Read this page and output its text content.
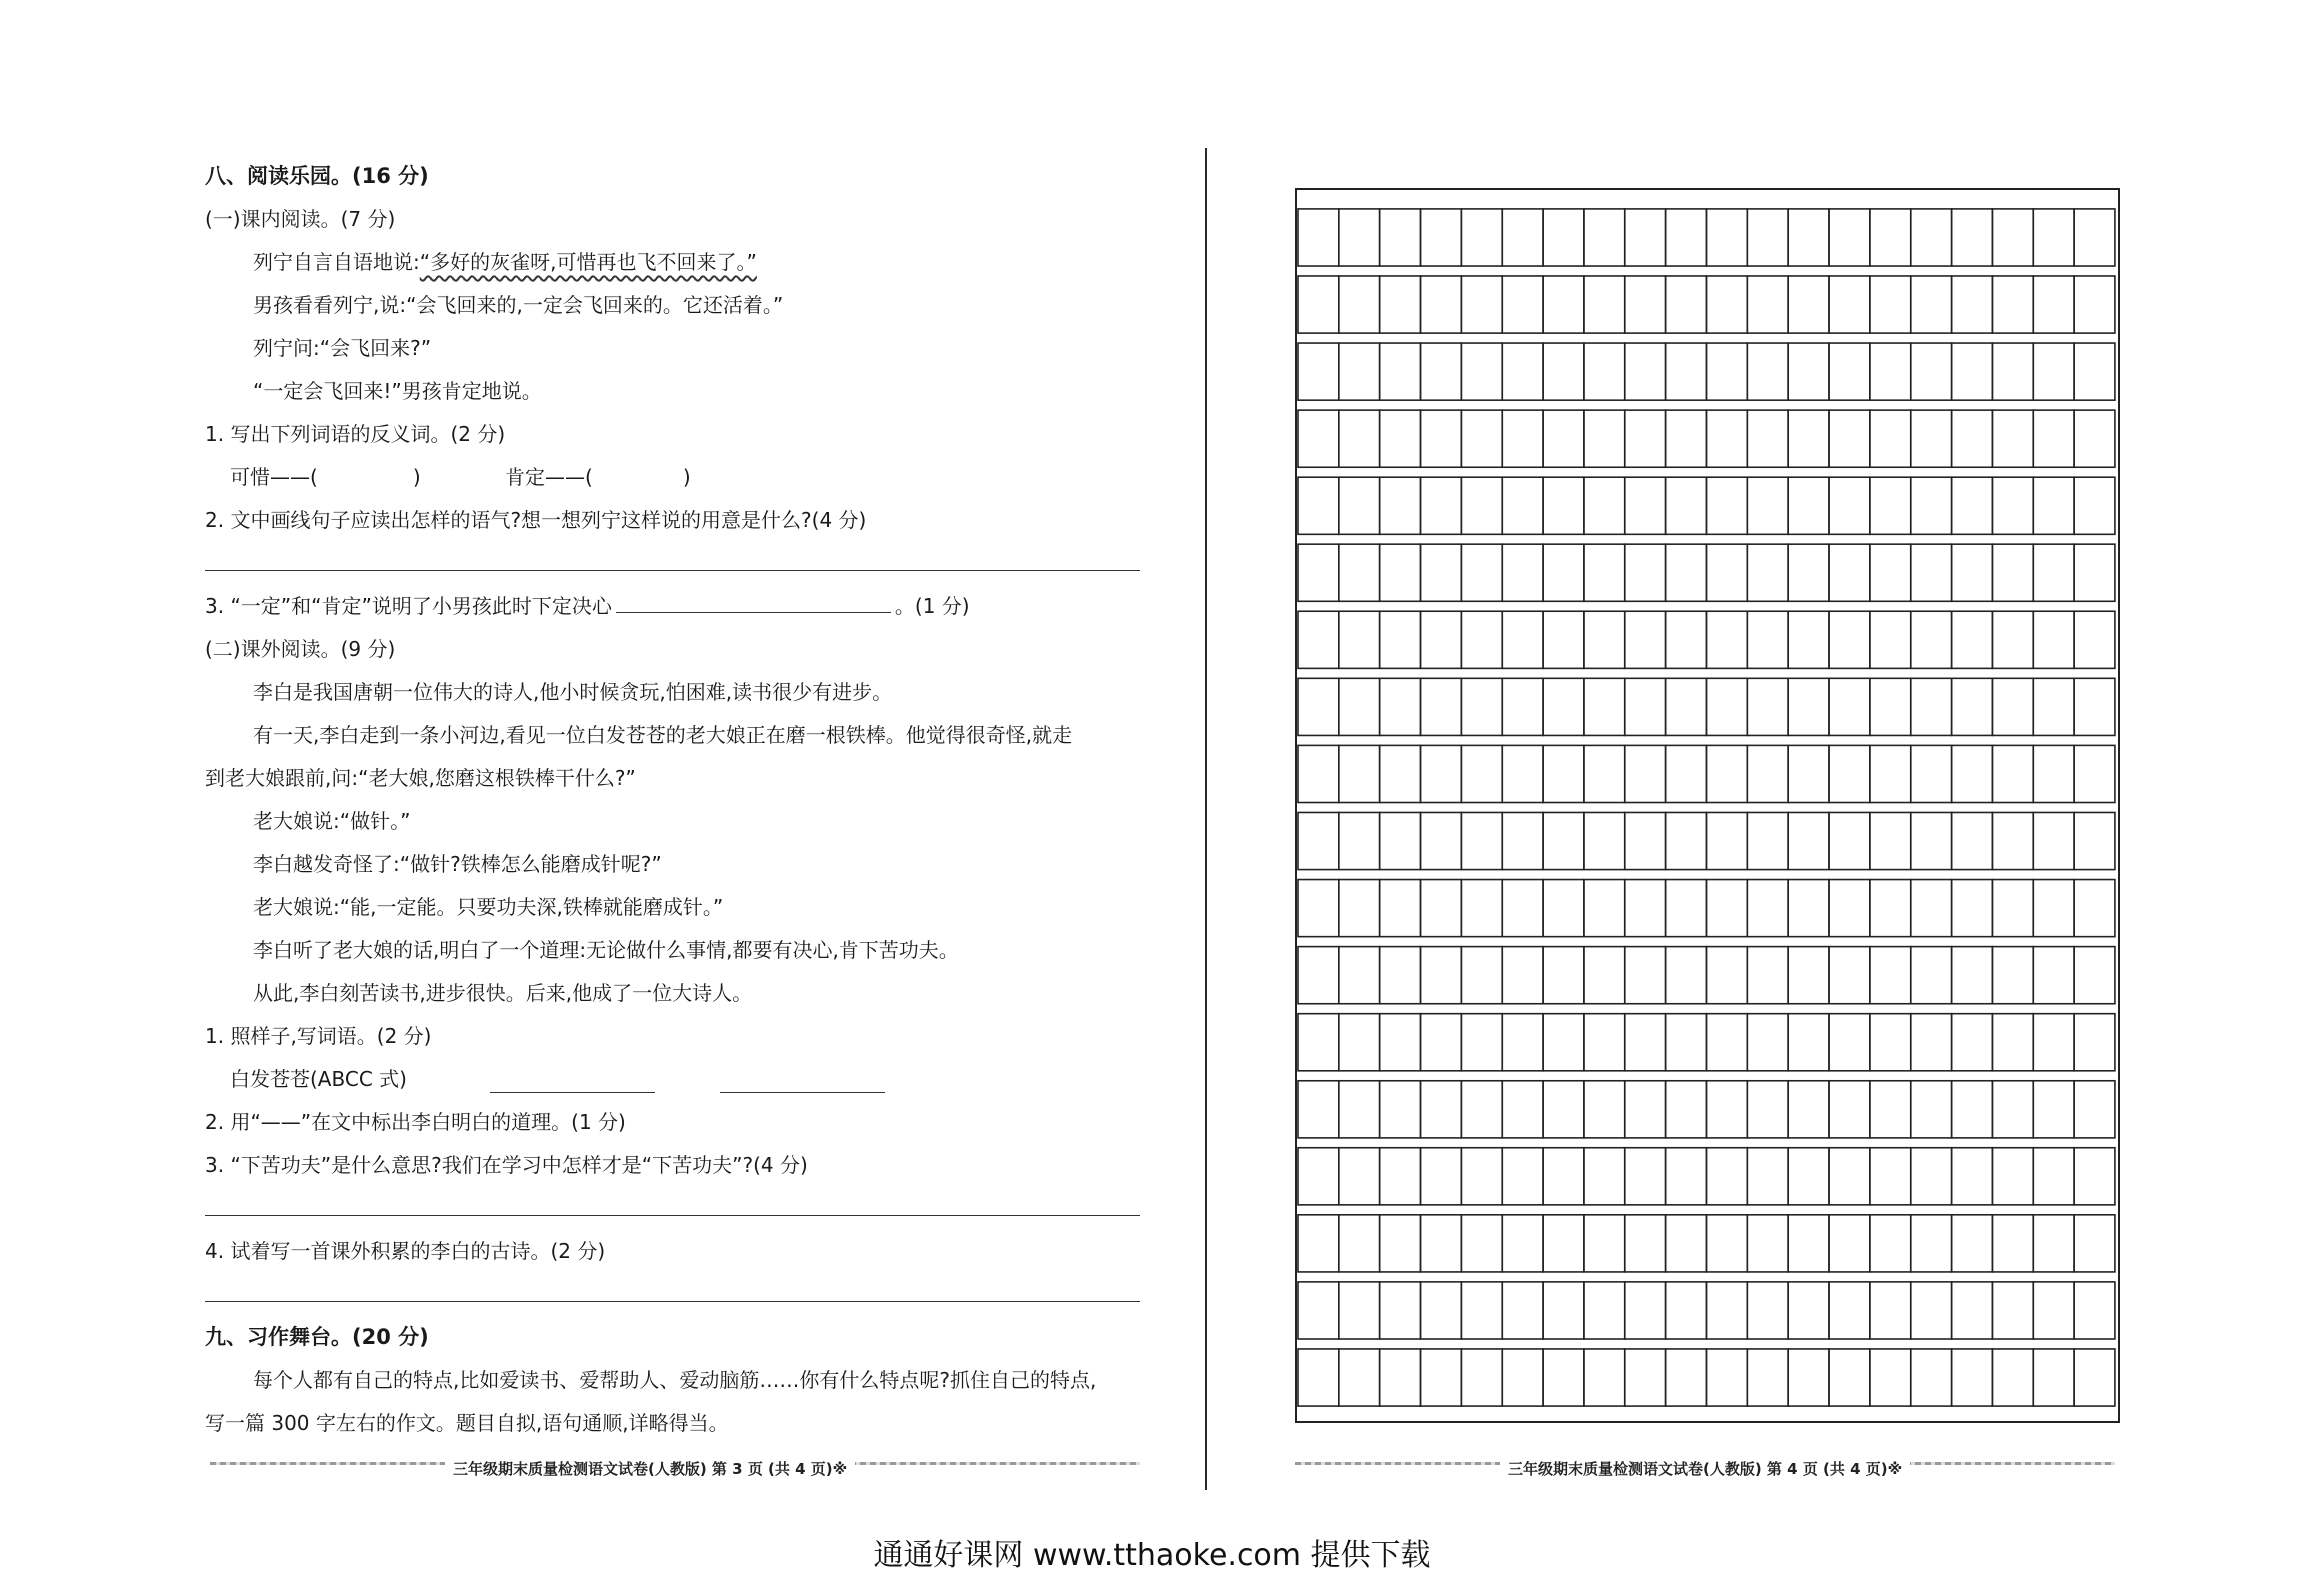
八、阅读乐园。(16 分)
(一)课内阅读。(7 分)
列宁自言自语地说:“多好的灰雀呀,可惜再也飞不回来了。”
男孩看看列宁,说:“会飞回来的,一定会飞回来的。它还活着。”
列宁问:“会飞回来?”
“一定会飞回来!”男孩肯定地说。
1. 写出下列词语的反义词。(2 分)
可惜——(	)	肯定——(	)
2. 文中画线句子应读出怎样的语气?想一想列宁这样说的用意是什么?(4 分)
3. “一定”和“肯定”说明了小男孩此时下定决心	。(1 分)
(二)课外阅读。(9 分)
李白是我国唐朝一位伟大的诗人,他小时候贪玩,怕困难,读书很少有进步。
有一天,李白走到一条小河边,看见一位白发苍苍的老大娘正在磨一根铁棒。他觉得很奇怪,就走
到老大娘跟前,问:“老大娘,您磨这根铁棒干什么?”
老大娘说:“做针。”
李白越发奇怪了:“做针?铁棒怎么能磨成针呢?”
老大娘说:“能,一定能。只要功夫深,铁棒就能磨成针。”
李白听了老大娘的话,明白了一个道理:无论做什么事情,都要有决心,肯下苦功夫。
从此,李白刻苦读书,进步很快。后来,他成了一位大诗人。
1. 照样子,写词语。(2 分)
白发苍苍(ABCC 式)
2. 用“——”在文中标出李白明白的道理。(1 分)
3. “下苦功夫”是什么意思?我们在学习中怎样才是“下苦功夫”?(4 分)
4. 试着写一首课外积累的李白的古诗。(2 分)
九、习作舞台。(20 分)
每个人都有自己的特点,比如爱读书、爱帮助人、爱动脑筋……你有什么特点呢?抓住自己的特点,
写一篇 300 字左右的作文。题目自拟,语句通顺,详略得当。
三年级期末质量检测语文试卷(人教版) 第 3 页 (共 4 页)※	三年级期末质量检测语文试卷(人教版) 第 4 页 (共 4 页)※
通通好课网 www.tthaoke.com 提供下载
